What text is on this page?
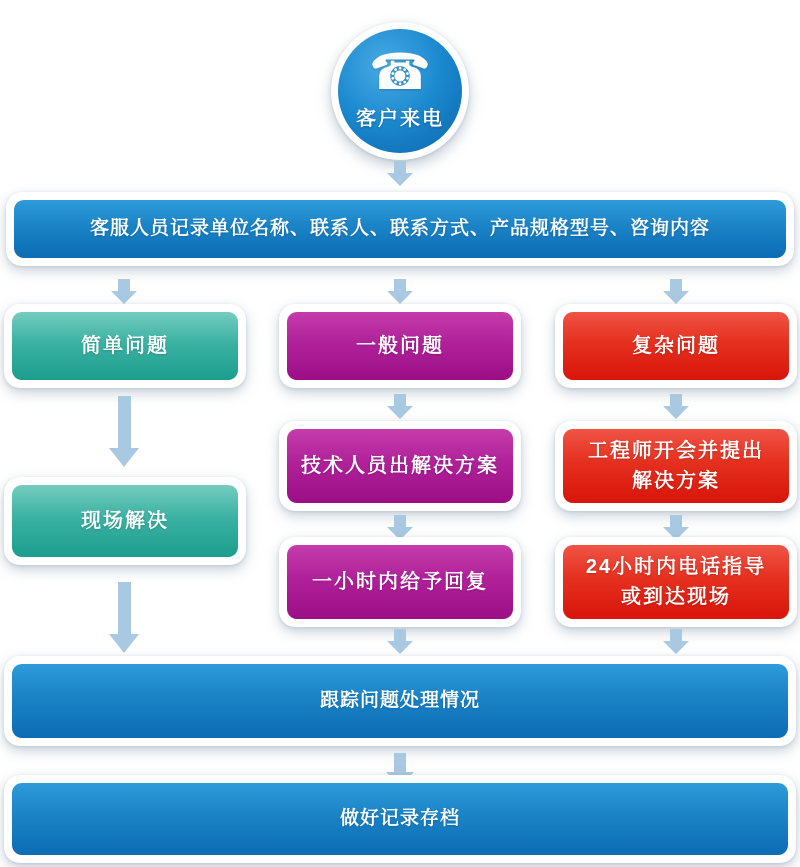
☎
客户来电
客服人员记录单位名称、联系人、联系方式、产品规格型号、咨询内容
简单问题	一般问题	复杂问题
现场解决
技术人员出解决方案
工程师开会并提出
解决方案
一小时内给予回复
24小时内电话指导
或到达现场
跟踪问题处理情况
做好记录存档
